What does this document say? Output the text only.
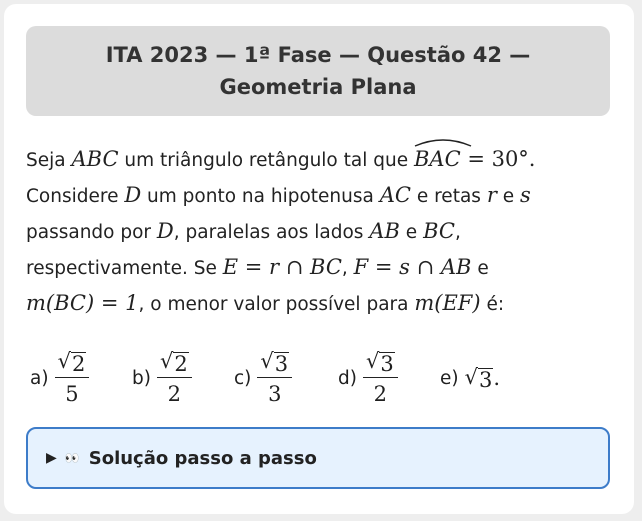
ITA 2023 — 1ª Fase — Questão 42 — Geometria Plana
Seja ABC um triângulo retângulo tal que
BAC = 30°.
Considere D um ponto na hipotenusa AC e retas r e s
passando por D, paralelas aos lados AB e BC,
respectivamente. Se E = r ∩ BC, F = s ∩ AB e
m(BC) = 1, o menor valor possível para m(EF) é:
$a) \frac{√ 2}{5} b) \frac{√ 2}{2} c) \frac{√ 3}{3} d) \frac{√ 3}{2} e$) √ 3 .
▶ 👀 Solução passo a passo
